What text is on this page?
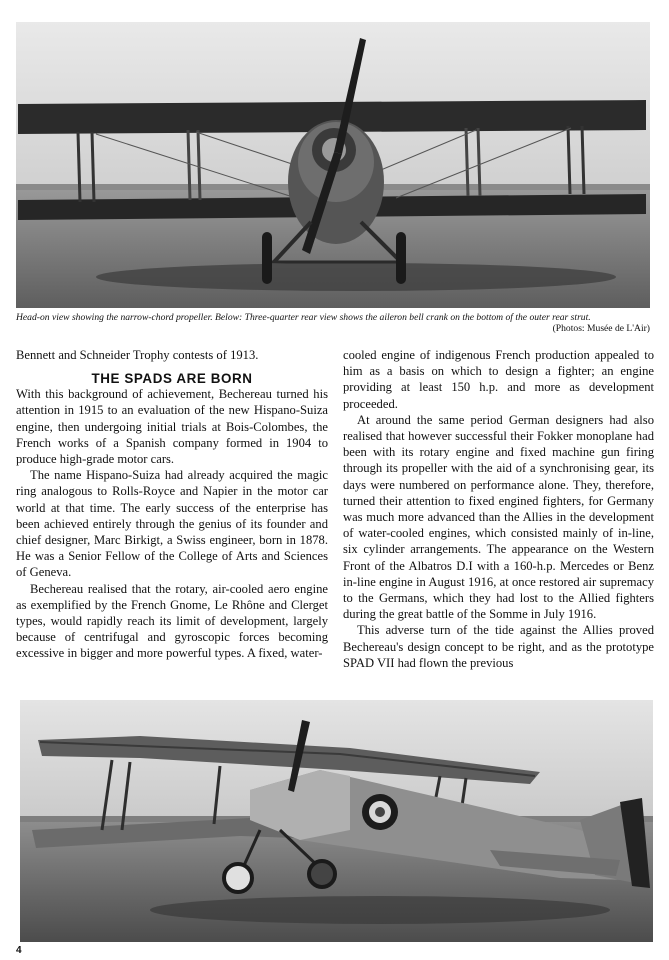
Head-on view showing the narrow-chord propeller. Below: Three-quarter rear view shows the aileron bell crank on the bottom of the outer rear strut.
(Photos: Musée de L'Air)

Bennett and Schneider Trophy contests of 1913.

THE SPADS ARE BORN

With this background of achievement, Bechereau turned his attention in 1915 to an evaluation of the new Hispano-Suiza engine, then undergoing initial trials at Bois-Colombes, the French works of a Spanish company formed in 1904 to produce high-grade motor cars.

The name Hispano-Suiza had already acquired the magic ring analogous to Rolls-Royce and Napier in the motor car world at that time. The early success of the enterprise has been achieved entirely through the genius of its founder and chief designer, Marc Birkigt, a Swiss engineer, born in 1878. He was a Senior Fellow of the College of Arts and Sciences of Geneva.

Bechereau realised that the rotary, air-cooled aero engine as exemplified by the French Gnome, Le Rhône and Clerget types, would rapidly reach its limit of development, largely because of centrifugal and gyroscopic forces becoming excessive in bigger and more powerful types. A fixed, water-

cooled engine of indigenous French production appealed to him as a basis on which to design a fighter; an engine providing at least 150 h.p. and more as development proceeded.

At around the same period German designers had also realised that however successful their Fokker monoplane had been with its rotary engine and fixed machine gun firing through its propeller with the aid of a synchronising gear, its days were numbered on performance alone. They, therefore, turned their attention to fixed engined fighters, for Germany was much more advanced than the Allies in the development of water-cooled engines, which consisted mainly of in-line, six cylinder arrangements. The appearance on the Western Front of the Albatros D.I with a 160-h.p. Mercedes or Benz in-line engine in August 1916, at once restored air supremacy to the Germans, which they had lost to the Allied fighters during the great battle of the Somme in July 1916.

This adverse turn of the tide against the Allies proved Bechereau's design concept to be right, and as the prototype SPAD VII had flown the previous

4
